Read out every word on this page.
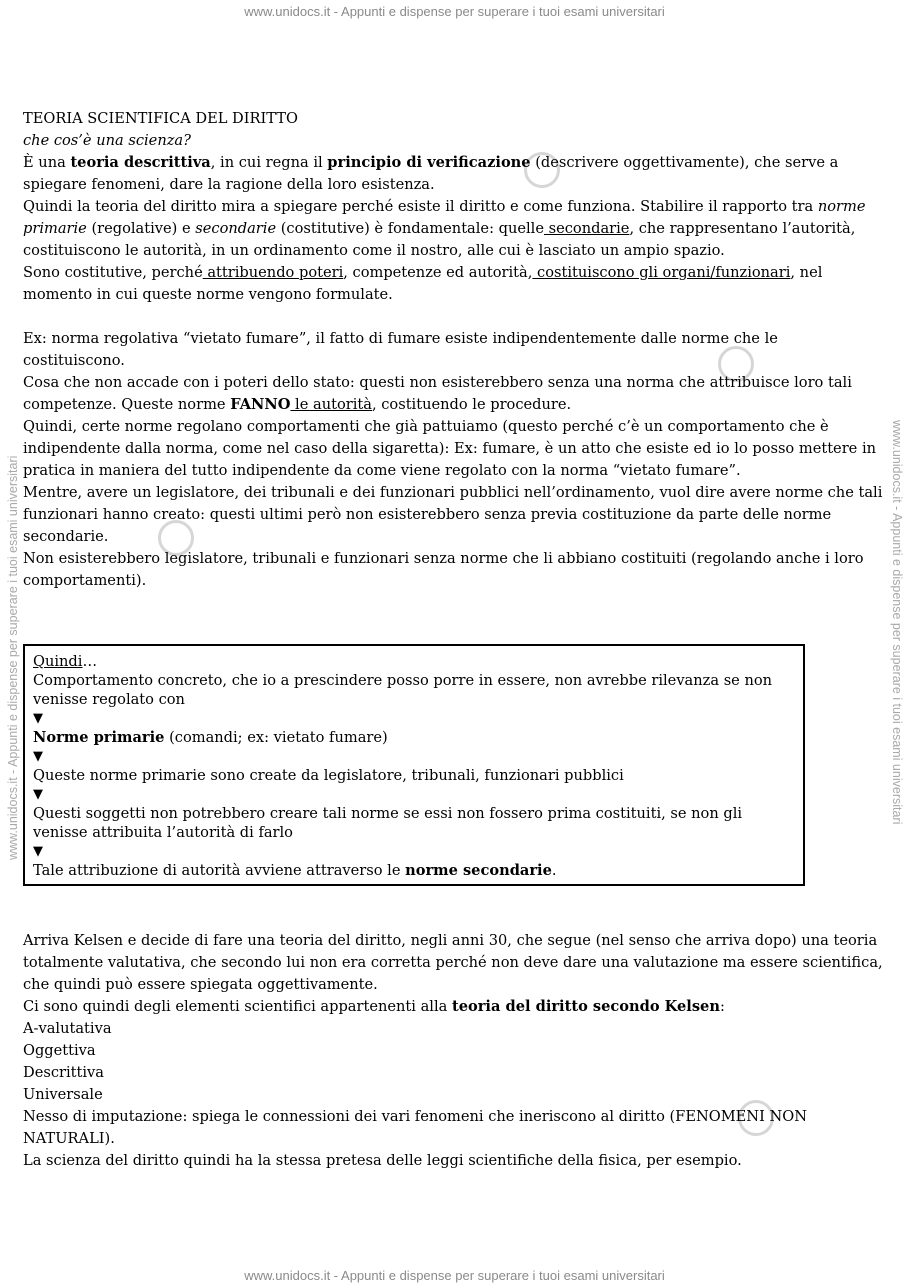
www.unidocs.it - Appunti e dispense per superare i tuoi esami universitari
www.unidocs.it - Appunti e dispense per superare i tuoi esami universitari	www.unidocs.it - Appunti e dispense per superare i tuoi esami universitari

TEORIA SCIENTIFICA DEL DIRITTO

che cos’è una scienza?

È una teoria descrittiva, in cui regna il principio di verificazione (descrivere oggettivamente), che serve a spiegare fenomeni, dare la ragione della loro esistenza.

Quindi la teoria del diritto mira a spiegare perché esiste il diritto e come funziona. Stabilire il rapporto tra norme primarie (regolative) e secondarie (costitutive) è fondamentale: quelle secondarie, che rappresentano l’autorità, costituiscono le autorità, in un ordinamento come il nostro, alle cui è lasciato un ampio spazio.

Sono costitutive, perché attribuendo poteri, competenze ed autorità, costituiscono gli organi/funzionari, nel momento in cui queste norme vengono formulate.

Ex: norma regolativa “vietato fumare”, il fatto di fumare esiste indipendentemente dalle norme che le costituiscono.

Cosa che non accade con i poteri dello stato: questi non esisterebbero senza una norma che attribuisce loro tali competenze. Queste norme FANNO le autorità, costituendo le procedure.

Quindi, certe norme regolano comportamenti che già pattuiamo (questo perché c’è un comportamento che è indipendente dalla norma, come nel caso della sigaretta): Ex: fumare, è un atto che esiste ed io lo posso mettere in pratica in maniera del tutto indipendente da come viene regolato con la norma “vietato fumare”.

Mentre, avere un legislatore, dei tribunali e dei funzionari pubblici nell’ordinamento, vuol dire avere norme che tali funzionari hanno creato: questi ultimi però non esisterebbero senza previa costituzione da parte delle norme secondarie.

Non esisterebbero legislatore, tribunali e funzionari senza norme che li abbiano costituiti (regolando anche i loro comportamenti).

Quindi…

Comportamento concreto, che io a prescindere posso porre in essere, non avrebbe rilevanza se non venisse regolato con

▼

Norme primarie (comandi; ex: vietato fumare)

▼

Queste norme primarie sono create da legislatore, tribunali, funzionari pubblici

▼

Questi soggetti non potrebbero creare tali norme se essi non fossero prima costituiti, se non gli venisse attribuita l’autorità di farlo

▼

Tale attribuzione di autorità avviene attraverso le norme secondarie.

Arriva Kelsen e decide di fare una teoria del diritto, negli anni 30, che segue (nel senso che arriva dopo) una teoria totalmente valutativa, che secondo lui non era corretta perché non deve dare una valutazione ma essere scientifica, che quindi può essere spiegata oggettivamente.

Ci sono quindi degli elementi scientifici appartenenti alla teoria del diritto secondo Kelsen:

A-valutativa

Oggettiva

Descrittiva

Universale

Nesso di imputazione: spiega le connessioni dei vari fenomeni che ineriscono al diritto (FENOMENI NON NATURALI).

La scienza del diritto quindi ha la stessa pretesa delle leggi scientifiche della fisica, per esempio.

www.unidocs.it - Appunti e dispense per superare i tuoi esami universitari
